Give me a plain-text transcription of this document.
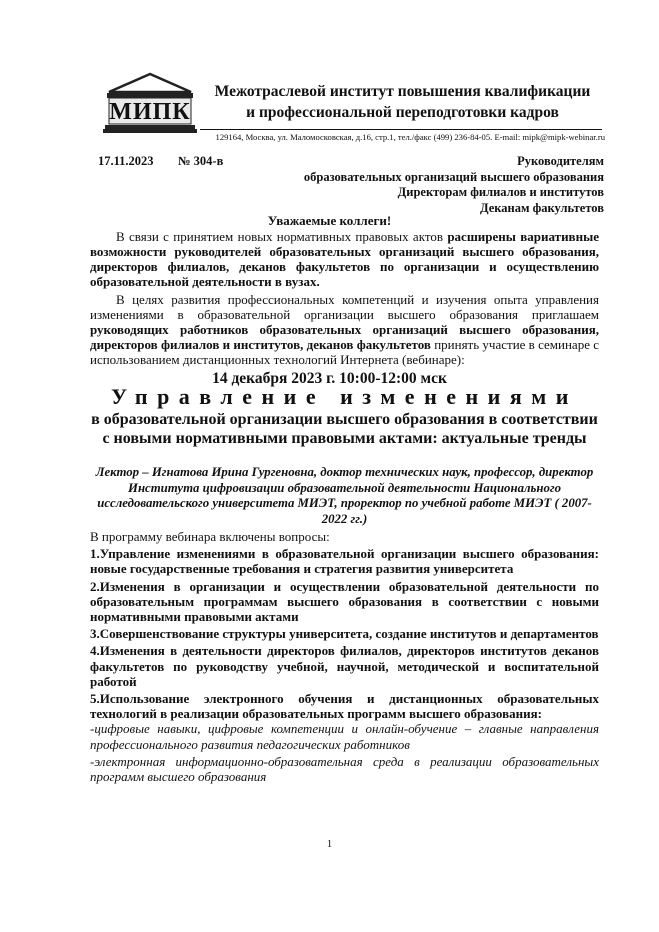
МИПК
Межотраслевой институт повышения квалификации
и профессиональной переподготовки кадров
129164, Москва, ул. Маломосковская, д.16, стр.1, тел./факс (499) 236-84-05. E-mail: mipk@mipk-webinar.ru
17.11.2023 № 304-в	Руководителям
образовательных организаций высшего образования
Директорам филиалов и институтов
Деканам факультетов
Уважаемые коллеги!
В связи с принятием новых нормативных правовых актов расширены вариативные возможности руководителей образовательных организаций высшего образования, директоров филиалов, деканов факультетов по организации и осуществлению образовательной деятельности в вузах.
В целях развития профессиональных компетенций и изучения опыта управления изменениями в образовательной организации высшего образования приглашаем руководящих работников образовательных организаций высшего образования, директоров филиалов и институтов, деканов факультетов принять участие в семинаре с использованием дистанционных технологий Интернета (вебинаре):
14 декабря 2023 г. 10:00-12:00 мск
Управление изменениями
в образовательной организации высшего образования в соответствии с новыми нормативными правовыми актами: актуальные тренды
Лектор – Игнатова Ирина Гургеновна, доктор технических наук, профессор, директор Института цифровизации образовательной деятельности Национального исследовательского университета МИЭТ, проректор по учебной работе МИЭТ ( 2007-2022 гг.)

В программу вебинара включены вопросы:

1.Управление изменениями в образовательной организации высшего образования: новые государственные требования и стратегия развития университета

2.Изменения в организации и осуществлении образовательной деятельности по образовательным программам высшего образования в соответствии с новыми нормативными правовыми актами

3.Совершенствование структуры университета, создание институтов и департаментов

4.Изменения в деятельности директоров филиалов, директоров институтов деканов факультетов по руководству учебной, научной, методической и воспитательной работой

5.Использование электронного обучения и дистанционных образовательных технологий в реализации образовательных программ высшего образования:

-цифровые навыки, цифровые компетенции и онлайн-обучение – главные направления профессионального развития педагогических работников

-электронная информационно-образовательная среда в реализации образовательных программ высшего образования

1
